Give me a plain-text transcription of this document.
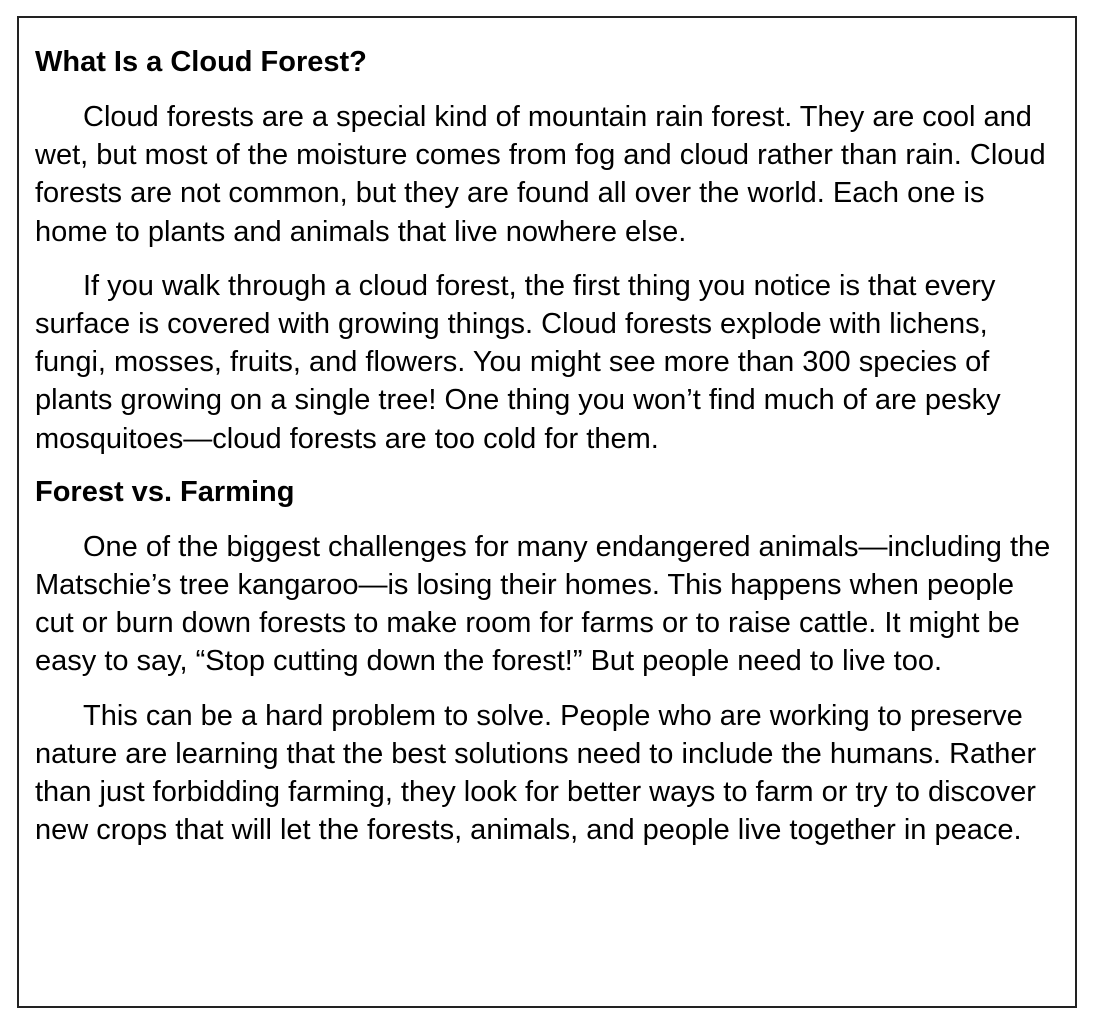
What Is a Cloud Forest?

Cloud forests are a special kind of mountain rain forest. They are cool and wet, but most of the moisture comes from fog and cloud rather than rain. Cloud forests are not common, but they are found all over the world. Each one is home to plants and animals that live nowhere else.

If you walk through a cloud forest, the first thing you notice is that every surface is covered with growing things. Cloud forests explode with lichens, fungi, mosses, fruits, and flowers. You might see more than 300 species of plants growing on a single tree! One thing you won’t find much of are pesky mosquitoes—cloud forests are too cold for them.

Forest vs. Farming

One of the biggest challenges for many endangered animals—including the Matschie’s tree kangaroo—is losing their homes. This happens when people cut or burn down forests to make room for farms or to raise cattle. It might be easy to say, “Stop cutting down the forest!” But people need to live too.

This can be a hard problem to solve. People who are working to preserve nature are learning that the best solutions need to include the humans. Rather than just forbidding farming, they look for better ways to farm or try to discover new crops that will let the forests, animals, and people live together in peace.
